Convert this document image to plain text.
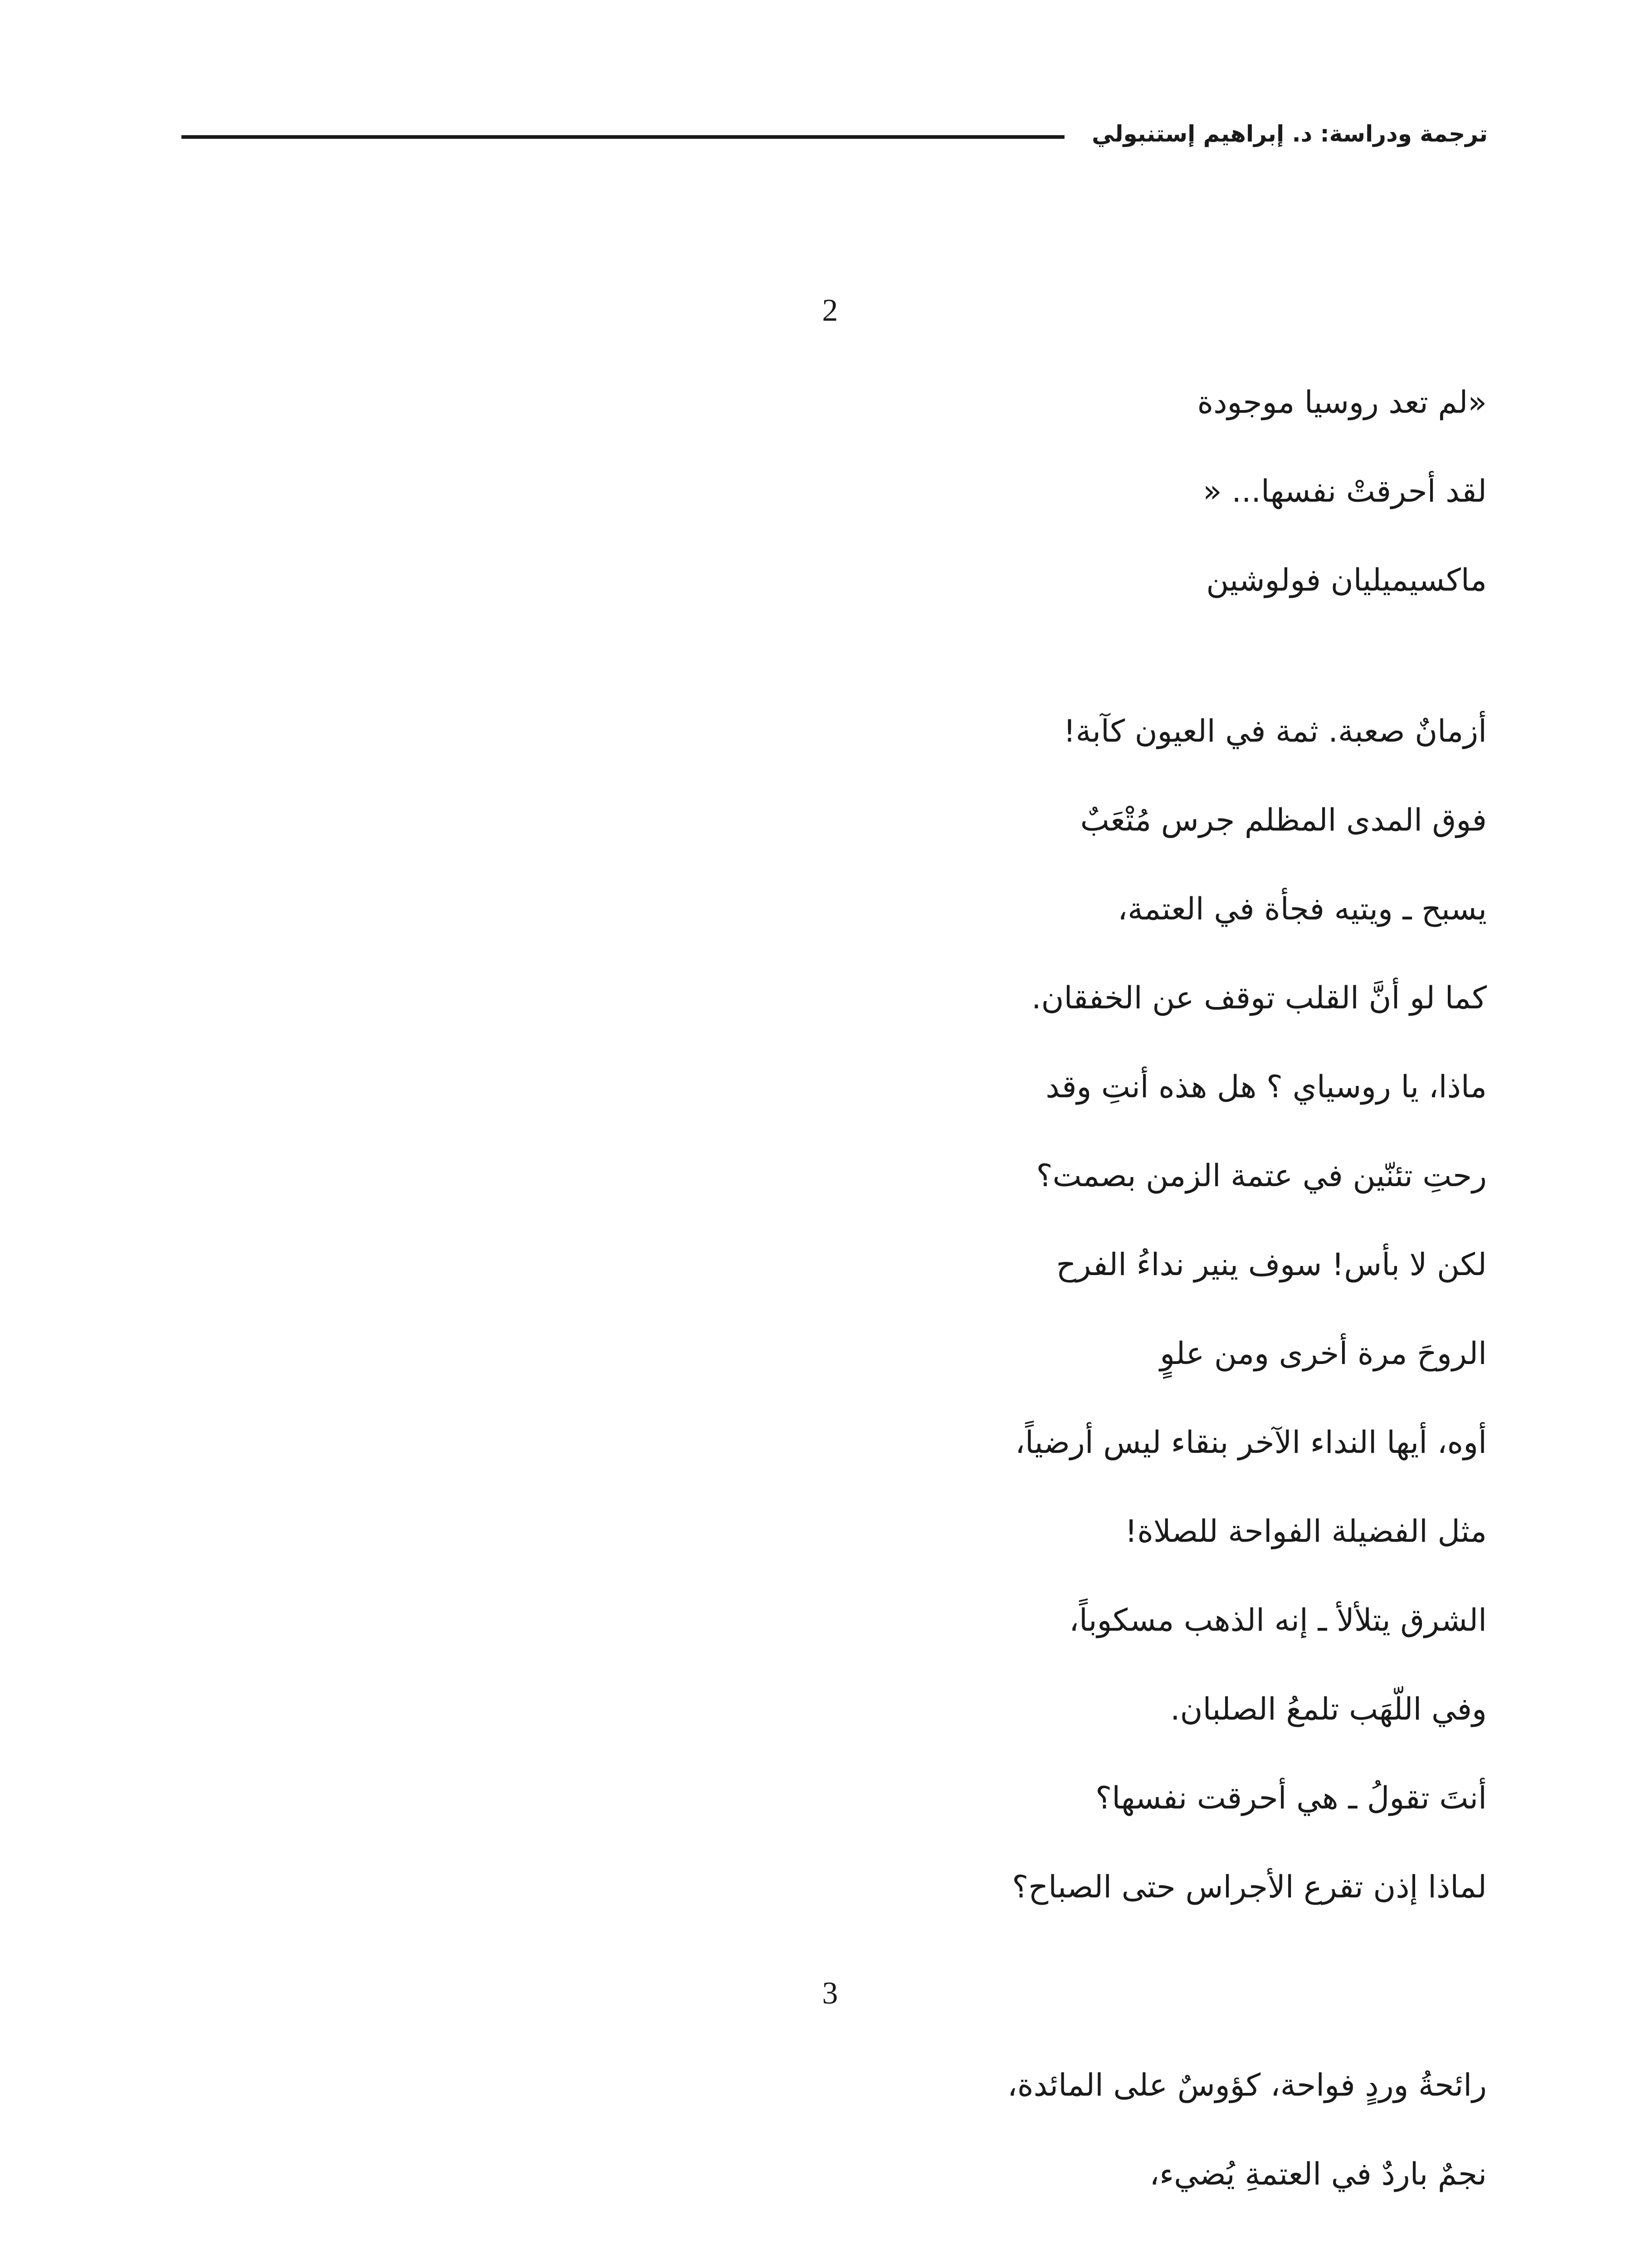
ترجمة ودراسة: د. إبراهيم إستنبولي
2
«لم تعد روسيا موجودة
لقد أحرقتْ نفسها... «
ماكسيميليان فولوشين
أزمانٌ صعبة. ثمة في العيون كآبة!
فوق المدى المظلم جرس مُتْعَبٌ
يسبح ـ ويتيه فجأة في العتمة،
كما لو أنَّ القلب توقف عن الخفقان.
ماذا، يا روسياي ؟ هل هذه أنتِ وقد
رحتِ تئنّين في عتمة الزمن بصمت؟
لكن لا بأس! سوف ينير نداءُ الفرح
الروحَ مرة أخرى ومن علوٍ
أوه، أيها النداء الآخر بنقاء ليس أرضياً،
مثل الفضيلة الفواحة للصلاة!
الشرق يتلألأ ـ إنه الذهب مسكوباً،
وفي اللّهَب تلمعُ الصلبان.
أنتَ تقولُ ـ هي أحرقت نفسها؟
لماذا إذن تقرع الأجراس حتى الصباح؟
3
رائحةُ وردٍ فواحة، كؤوسٌ على المائدة،
نجمٌ باردٌ في العتمةِ يُضيء،
